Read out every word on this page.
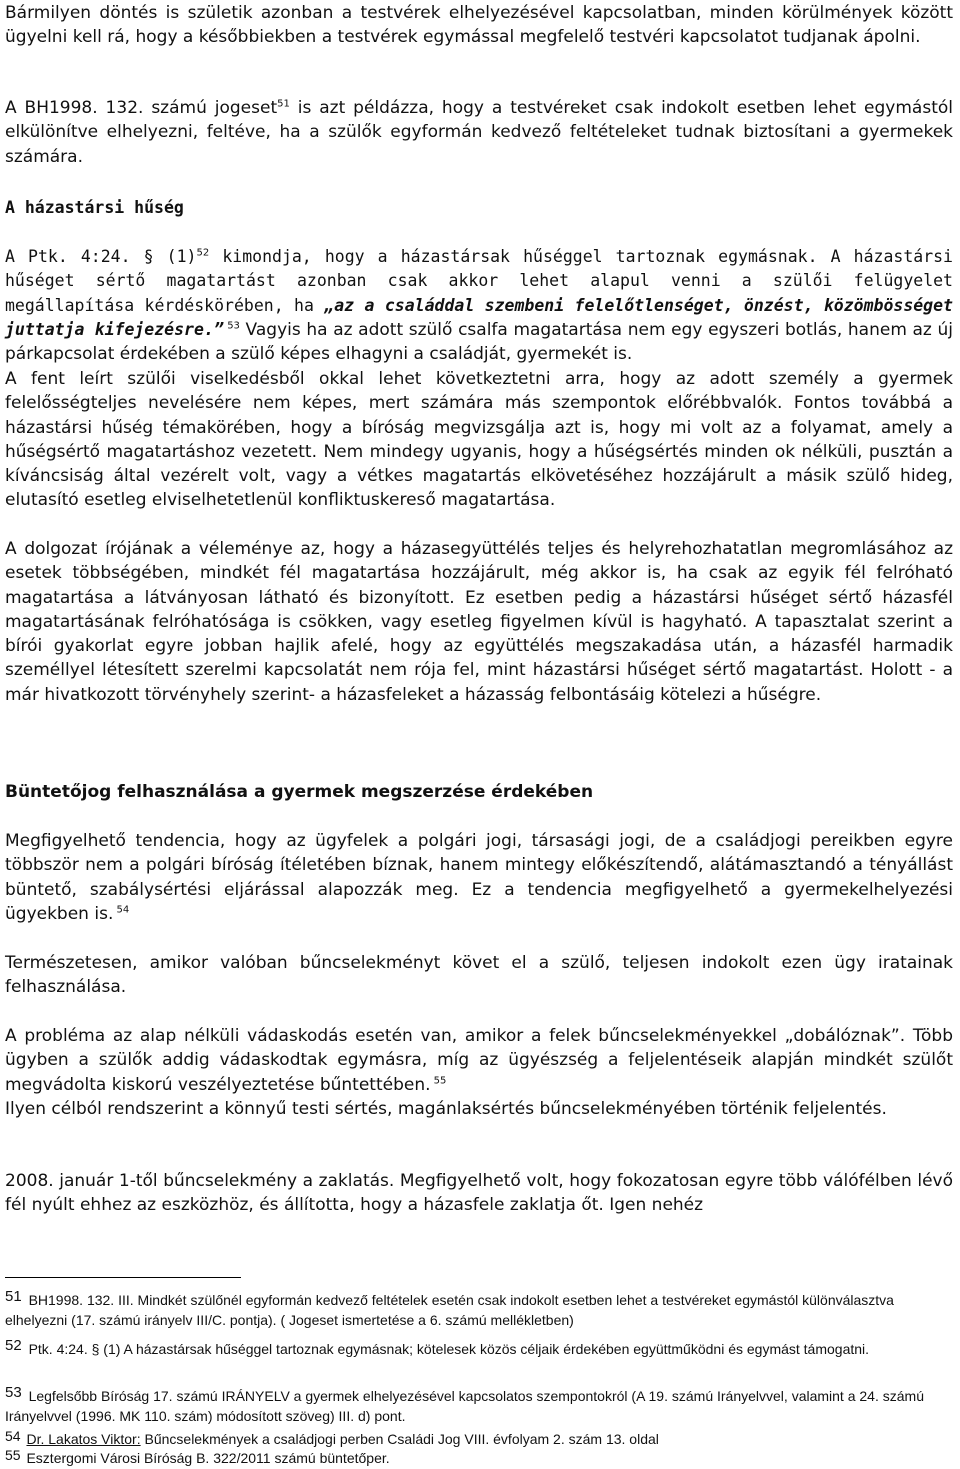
Bármilyen döntés is születik azonban a testvérek elhelyezésével kapcsolatban, minden körülmények között ügyelni kell rá, hogy a későbbiekben a testvérek egymással megfelelő testvéri kapcsolatot tudjanak ápolni.

A BH1998. 132. számú jogeset$^{51}$ is azt példázza, hogy a testvéreket csak indokolt esetben lehet egymástól elkülönítve elhelyezni, feltéve, ha a szülők egyformán kedvező feltételeket tudnak biztosítani a gyermekek számára.

A házastársi hűség

A Ptk. 4:24. § $(1)^{52}$ kimondja, hogy a házastársak hűséggel tartoznak egymásnak. A házastársi hűséget sértő magatartást azonban csak akkor lehet alapul venni a szülői felügyelet megállapítása kérdéskörében, ha „az a családdal szembeni felelőtlenséget, önzést, közömbösséget juttatja kifejezésre.” $^{53}$ Vagyis ha az adott szülő csalfa magatartása nem egy egyszeri botlás, hanem az új párkapcsolat érdekében a szülő képes elhagyni a családját, gyermekét is.

A fent leírt szülői viselkedésből okkal lehet következtetni arra, hogy az adott személy a gyermek felelősségteljes nevelésére nem képes, mert számára más szempontok előrébbvalók. Fontos továbbá a házastársi hűség témakörében, hogy a bíróság megvizsgálja azt is, hogy mi volt az a folyamat, amely a hűségsértő magatartáshoz vezetett. Nem mindegy ugyanis, hogy a hűségsértés minden ok nélküli, pusztán a kíváncsiság által vezérelt volt, vagy a vétkes magatartás elkövetéséhez hozzájárult a másik szülő hideg, elutasító esetleg elviselhetetlenül konfliktuskereső magatartása.

A dolgozat írójának a véleménye az, hogy a házasegyüttélés teljes és helyrehozhatatlan megromlásához az esetek többségében, mindkét fél magatartása hozzájárult, még akkor is, ha csak az egyik fél felróható magatartása a látványosan látható és bizonyított. Ez esetben pedig a házastársi hűséget sértő házasfél magatartásának felróhatósága is csökken, vagy esetleg figyelmen kívül is hagyható. A tapasztalat szerint a bírói gyakorlat egyre jobban hajlik afelé, hogy az együttélés megszakadása után, a házasfél harmadik személlyel létesített szerelmi kapcsolatát nem rója fel, mint házastársi hűséget sértő magatartást. Holott - a már hivatkozott törvényhely szerint- a házasfeleket a házasság felbontásáig kötelezi a hűségre.

Büntetőjog felhasználása a gyermek megszerzése érdekében

Megfigyelhető tendencia, hogy az ügyfelek a polgári jogi, társasági jogi, de a családjogi pereikben egyre többször nem a polgári bíróság ítéletében bíznak, hanem mintegy előkészítendő, alátámasztandó a tényállást büntető, szabálysértési eljárással alapozzák meg. Ez a tendencia megfigyelhető a gyermekelhelyezési ügyekben is. $^{54}$

Természetesen, amikor valóban bűncselekményt követ el a szülő, teljesen indokolt ezen ügy iratainak felhasználása.

A probléma az alap nélküli vádaskodás esetén van, amikor a felek bűncselekményekkel „dobálóznak”. Több ügyben a szülők addig vádaskodtak egymásra, míg az ügyészség a feljelentéseik alapján mindkét szülőt megvádolta kiskorú veszélyeztetése bűntettében. $^{55}$
Ilyen célból rendszerint a könnyű testi sértés, magánlaksértés bűncselekményében történik feljelentés.

2008. január 1-től bűncselekmény a zaklatás. Megfigyelhető volt, hogy fokozatosan egyre több válófélben lévő fél nyúlt ehhez az eszközhöz, és állította, hogy a házasfele zaklatja őt. Igen nehéz

51 BH1998. 132. III. Mindkét szülőnél egyformán kedvező feltételek esetén csak indokolt esetben lehet a testvéreket egymástól különválasztva elhelyezni (17. számú irányelv III/C. pontja). ( Jogeset ismertetése a 6. számú mellékletben)
52 Ptk. 4:24. § (1) A házastársak hűséggel tartoznak egymásnak; kötelesek közös céljaik érdekében együttműködni és egymást támogatni.
53 Legfelsőbb Bíróság 17. számú IRÁNYELV a gyermek elhelyezésével kapcsolatos szempontokról (A 19. számú Irányelvvel, valamint a 24. számú Irányelvvel (1996. MK 110. szám) módosított szöveg) III. d) pont.
54 Dr. Lakatos Viktor: Bűncselekmények a családjogi perben Családi Jog VIII. évfolyam 2. szám 13. oldal
55 Esztergomi Városi Bíróság B. 322/2011 számú büntetőper.
